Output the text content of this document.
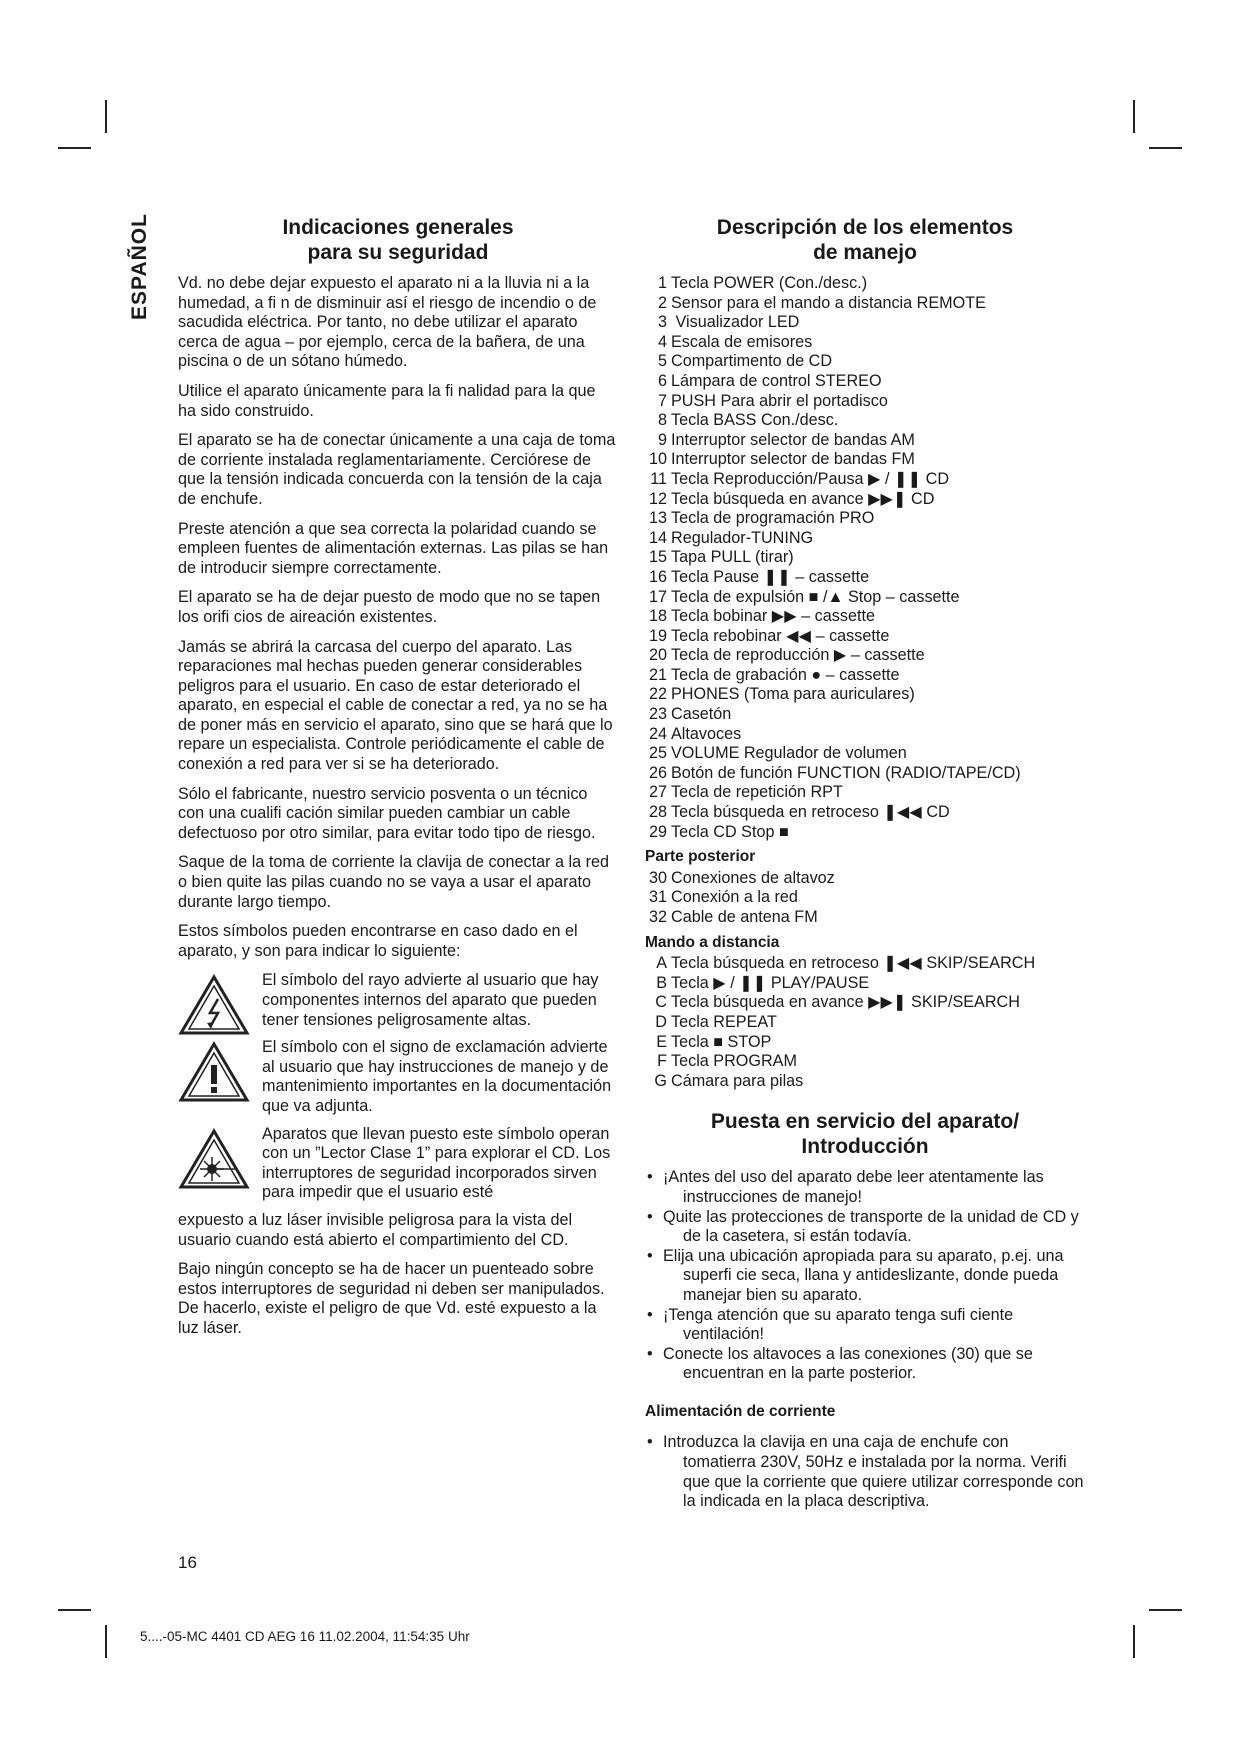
ESPAÑOL	Indicaciones generales
para su seguridad

Vd. no debe dejar expuesto el aparato ni a la lluvia ni a la humedad, a fi n de disminuir así el riesgo de incendio o de sacudida eléctrica. Por tanto, no debe utilizar el aparato cerca de agua – por ejemplo, cerca de la bañera, de una piscina o de un sótano húmedo.

Utilice el aparato únicamente para la fi nalidad para la que ha sido construido.

El aparato se ha de conectar únicamente a una caja de toma de corriente instalada reglamentariamente. Cerciórese de que la tensión indicada concuerda con la tensión de la caja de enchufe.

Preste atención a que sea correcta la polaridad cuando se empleen fuentes de alimentación externas. Las pilas se han de introducir siempre correctamente.

El aparato se ha de dejar puesto de modo que no se tapen los orifi cios de aireación existentes.

Jamás se abrirá la carcasa del cuerpo del aparato. Las reparaciones mal hechas pueden generar considerables peligros para el usuario. En caso de estar deteriorado el aparato, en especial el cable de conectar a red, ya no se ha de poner más en servicio el aparato, sino que se hará que lo repare un especialista. Controle periódicamente el cable de conexión a red para ver si se ha deteriorado.

Sólo el fabricante, nuestro servicio posventa o un técnico con una cualifi cación similar pueden cambiar un cable defectuoso por otro similar, para evitar todo tipo de riesgo.

Saque de la toma de corriente la clavija de conectar a la red o bien quite las pilas cuando no se vaya a usar el aparato durante largo tiempo.

Estos símbolos pueden encontrarse en caso dado en el aparato, y son para indicar lo siguiente:

El símbolo del rayo advierte al usuario que hay componentes internos del aparato que pueden tener tensiones peligrosamente altas.
El símbolo con el signo de exclamación advierte al usuario que hay instrucciones de manejo y de mantenimiento importantes en la documentación que va adjunta.

Aparatos que llevan puesto este símbolo operan con un ”Lector Clase 1” para explorar el CD. Los interruptores de seguridad incorporados sirven para impedir que el usuario esté

expuesto a luz láser invisible peligrosa para la vista del usuario cuando está abierto el compartimiento del CD.

Bajo ningún concepto se ha de hacer un puenteado sobre estos interruptores de seguridad ni deben ser manipulados. De hacerlo, existe el peligro de que Vd. esté expuesto a la luz láser.

Descripción de los elementos
de manejo
1 Tecla POWER (Con./desc.)
2 Sensor para el mando a distancia REMOTE
3 Visualizador LED
4 Escala de emisores
5 Compartimento de CD
6 Lámpara de control STEREO
7 PUSH Para abrir el portadisco
8 Tecla BASS Con./desc.
9 Interruptor selector de bandas AM
10 Interruptor selector de bandas FM
11 Tecla Reproducción/Pausa ▶ / ❚❚ CD
12 Tecla búsqueda en avance ▶▶❚ CD
13 Tecla de programación PRO
14 Regulador-TUNING
15 Tapa PULL (tirar)
16 Tecla Pause ❚❚ – cassette
17 Tecla de expulsión ■ /▲ Stop – cassette
18 Tecla bobinar ▶▶ – cassette
19 Tecla rebobinar ◀◀ – cassette
20 Tecla de reproducción ▶ – cassette
21 Tecla de grabación ● – cassette
22 PHONES (Toma para auriculares)
23 Casetón
24 Altavoces
25 VOLUME Regulador de volumen
26 Botón de función FUNCTION (RADIO/TAPE/CD)
27 Tecla de repetición RPT
28 Tecla búsqueda en retroceso ❚◀◀ CD
29 Tecla CD Stop ■
Parte posterior
30 Conexiones de altavoz
31 Conexión a la red
32 Cable de antena FM
Mando a distancia
A Tecla búsqueda en retroceso ❚◀◀ SKIP/SEARCH
B Tecla ▶ / ❚❚ PLAY/PAUSE
C Tecla búsqueda en avance ▶▶❚ SKIP/SEARCH
D Tecla REPEAT
E Tecla ■ STOP
F Tecla PROGRAM
G Cámara para pilas
Puesta en servicio del aparato/
Introducción
• ¡Antes del uso del aparato debe leer atentamente las instrucciones de manejo!
• Quite las protecciones de transporte de la unidad de CD y de la casetera, si están todavía.
• Elija una ubicación apropiada para su aparato, p.ej. una superfi cie seca, llana y antideslizante, donde pueda manejar bien su aparato.
• ¡Tenga atención que su aparato tenga sufi ciente ventilación!
• Conecte los altavoces a las conexiones (30) que se encuentran en la parte posterior.
Alimentación de corriente
• Introduzca la clavija en una caja de enchufe con tomatierra 230V, 50Hz e instalada por la norma. Verifi que que la corriente que quiere utilizar corresponde con la indicada en la placa descriptiva.
16
5....-05-MC 4401 CD AEG 16 11.02.2004, 11:54:35 Uhr
